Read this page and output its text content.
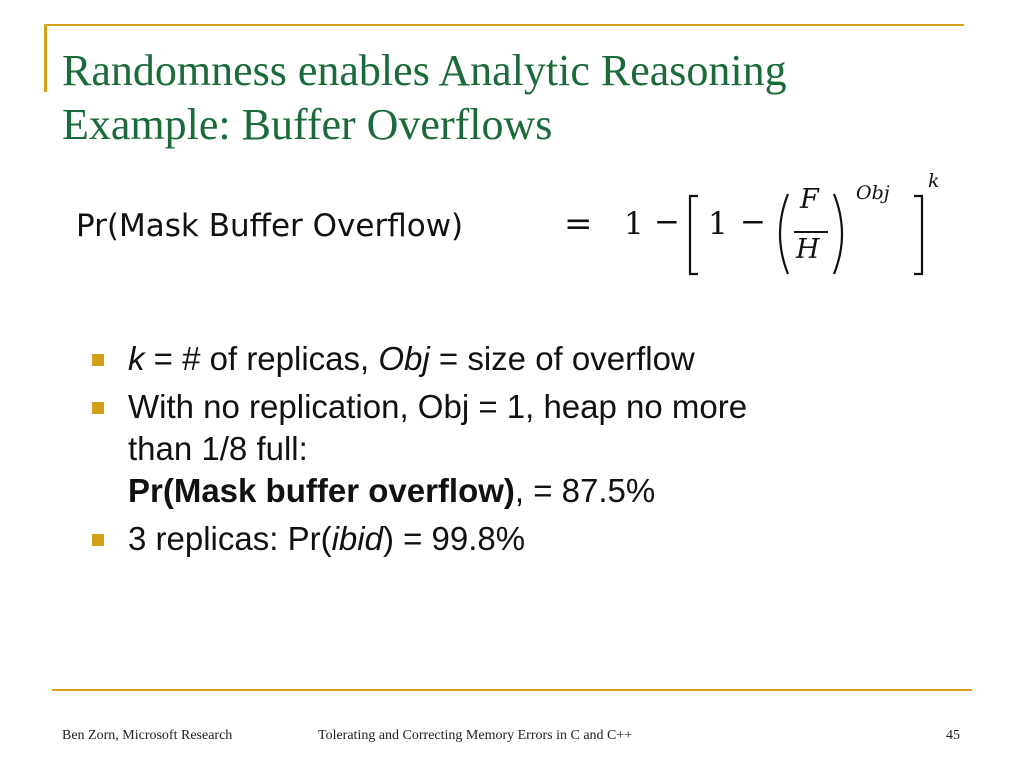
Randomness enables Analytic Reasoning
Example: Buffer Overflows
Pr(Mask Buffer Overflow)	= 1 − 1 −
F
H
Obj
k
k = # of replicas, Obj = size of overflow
With no replication, Obj = 1, heap no more
than 1/8 full:
Pr(Mask buffer overflow), = 87.5%
3 replicas: Pr(ibid) = 99.8%
Ben Zorn, Microsoft Research	Tolerating and Correcting Memory Errors in C and C++	45
